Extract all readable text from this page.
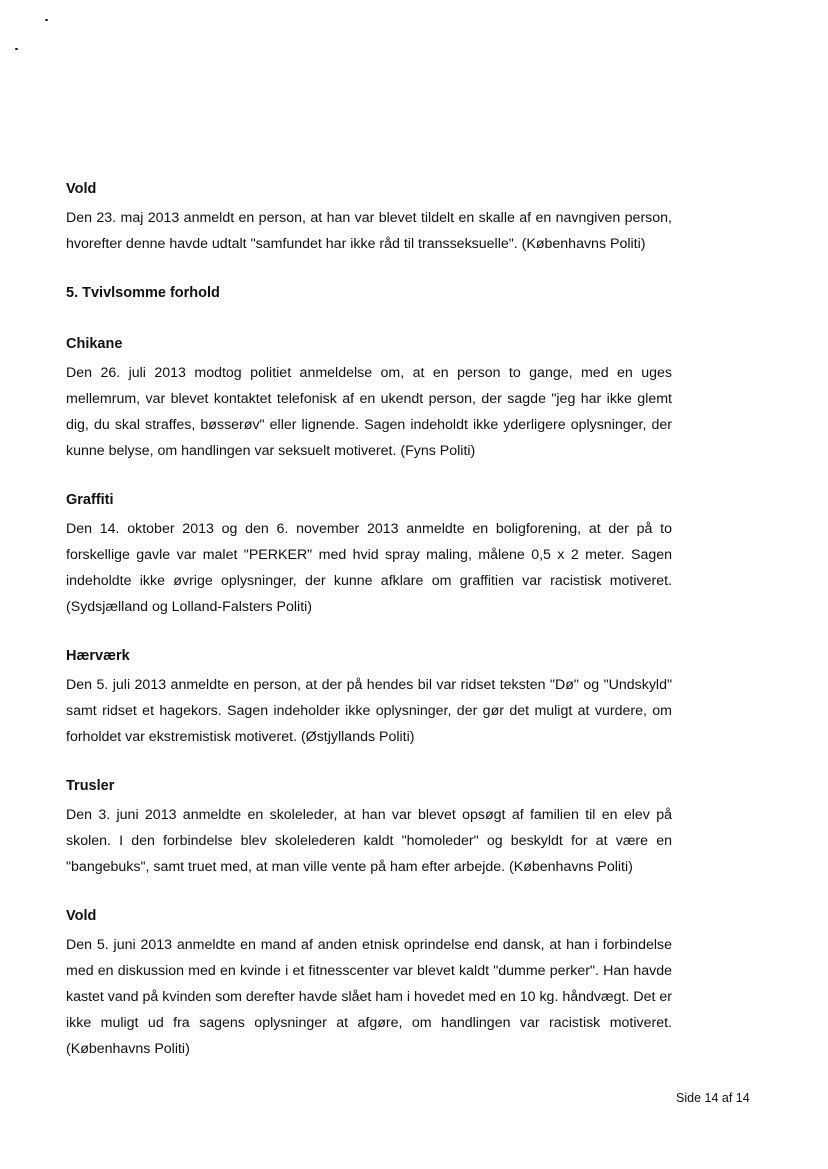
Vold
Den 23. maj 2013 anmeldt en person, at han var blevet tildelt en skalle af en navngiven person, hvorefter denne havde udtalt "samfundet har ikke råd til transseksuelle". (Københavns Politi)
5. Tvivlsomme forhold
Chikane
Den 26. juli 2013 modtog politiet anmeldelse om, at en person to gange, med en uges mellemrum, var blevet kontaktet telefonisk af en ukendt person, der sagde "jeg har ikke glemt dig, du skal straffes, bøsserøv" eller lignende. Sagen indeholdt ikke yderligere oplysninger, der kunne belyse, om handlingen var seksuelt motiveret. (Fyns Politi)
Graffiti
Den 14. oktober 2013 og den 6. november 2013 anmeldte en boligforening, at der på to forskellige gavle var malet "PERKER" med hvid spray maling, målene 0,5 x 2 meter. Sagen indeholdte ikke øvrige oplysninger, der kunne afklare om graffitien var racistisk motiveret. (Sydsjælland og Lolland-Falsters Politi)
Hærværk
Den 5. juli 2013 anmeldte en person, at der på hendes bil var ridset teksten "Dø" og "Undskyld" samt ridset et hagekors. Sagen indeholder ikke oplysninger, der gør det muligt at vurdere, om forholdet var ekstremistisk motiveret. (Østjyllands Politi)
Trusler
Den 3. juni 2013 anmeldte en skoleleder, at han var blevet opsøgt af familien til en elev på skolen. I den forbindelse blev skolelederen kaldt "homoleder" og beskyldt for at være en "bangebuks", samt truet med, at man ville vente på ham efter arbejde. (Københavns Politi)
Vold
Den 5. juni 2013 anmeldte en mand af anden etnisk oprindelse end dansk, at han i forbindelse med en diskussion med en kvinde i et fitnesscenter var blevet kaldt "dumme perker". Han havde kastet vand på kvinden som derefter havde slået ham i hovedet med en 10 kg. håndvægt. Det er ikke muligt ud fra sagens oplysninger at afgøre, om handlingen var racistisk motiveret. (Københavns Politi)
Side 14 af 14
